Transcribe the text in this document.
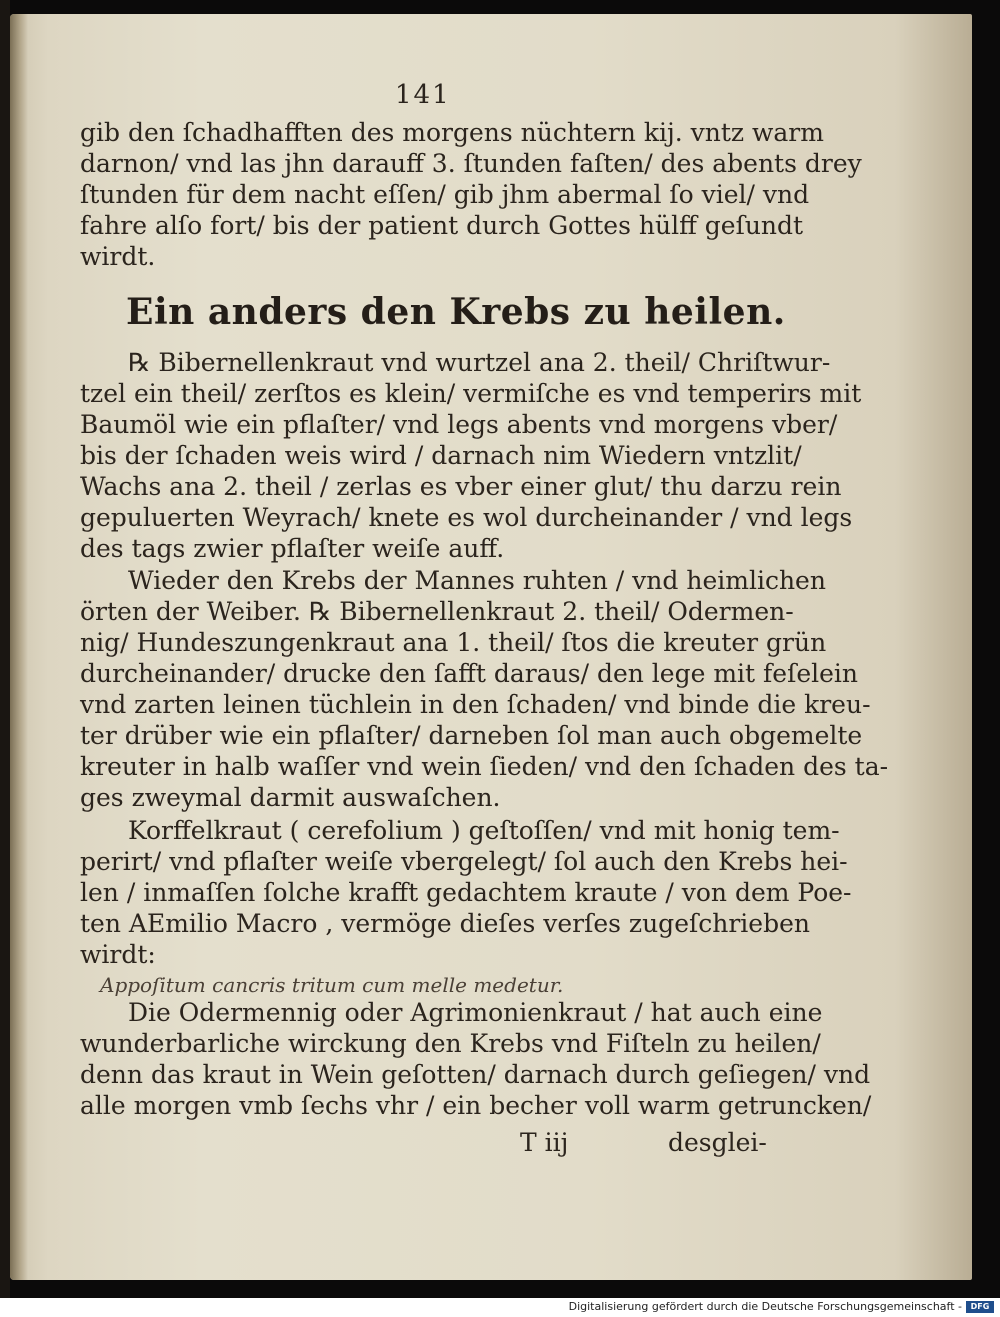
141
gib den ſchadhafften des morgens nüchtern kij. vntz warm
darnon/ vnd las jhn darauff 3. ſtunden faſten/ des abents drey
ſtunden für dem nacht eſſen/ gib jhm abermal ſo viel/ vnd
fahre alſo fort/ bis der patient durch Gottes hülff geſundt
wirdt.
Ein anders den Krebs zu heilen.
℞ Bibernellenkraut vnd wurtzel ana 2. theil/ Chriſtwur-
tzel ein theil/ zerſtos es klein/ vermiſche es vnd temperirs mit
Baumöl wie ein pflaſter/ vnd legs abents vnd morgens vber/
bis der ſchaden weis wird / darnach nim Wiedern vntzlit/
Wachs ana 2. theil / zerlas es vber einer glut/ thu darzu rein
gepuluerten Weyrach/ knete es wol durcheinander / vnd legs
des tags zwier pflaſter weiſe auff.
Wieder den Krebs der Mannes ruhten / vnd heimlichen
örten der Weiber. ℞ Bibernellenkraut 2. theil/ Odermen-
nig/ Hundeszungenkraut ana 1. theil/ ſtos die kreuter grün
durcheinander/ drucke den ſafft daraus/ den lege mit feſelein
vnd zarten leinen tüchlein in den ſchaden/ vnd binde die kreu-
ter drüber wie ein pflaſter/ darneben ſol man auch obgemelte
kreuter in halb waſſer vnd wein ſieden/ vnd den ſchaden des ta-
ges zweymal darmit auswaſchen.
Korffelkraut ( cerefolium ) geſtoſſen/ vnd mit honig tem-
perirt/ vnd pflaſter weiſe vbergelegt/ ſol auch den Krebs hei-
len / inmaſſen ſolche krafft gedachtem kraute / von dem Poe-
ten AEmilio Macro , vermöge dieſes verſes zugeſchrieben
wirdt:
Appoſitum cancris tritum cum melle medetur.
Die Odermennig oder Agrimonienkraut / hat auch eine
wunderbarliche wirckung den Krebs vnd Fiſteln zu heilen/
denn das kraut in Wein geſotten/ darnach durch geſiegen/ vnd
alle morgen vmb ſechs vhr / ein becher voll warm getruncken/
T iij	desglei-
Digitalisierung gefördert durch die Deutsche Forschungsgemeinschaft -	DFG
